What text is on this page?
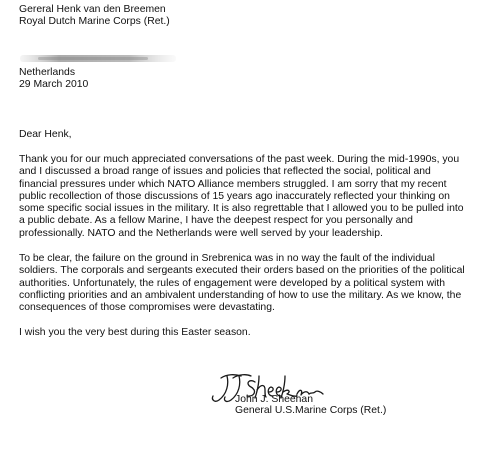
Gereral Henk van den Breemen
Royal Dutch Marine Corps (Ret.)
Netherlands
29 March 2010
Dear Henk,
Thank you for our much appreciated conversations of the past week. During the mid-1990s, you
and I discussed a broad range of issues and policies that reflected the social, political and
financial pressures under which NATO Alliance members struggled. I am sorry that my recent
public recollection of those discussions of 15 years ago inaccurately reflected your thinking on
some specific social issues in the military. It is also regrettable that I allowed you to be pulled into
a public debate. As a fellow Marine, I have the deepest respect for you personally and
professionally. NATO and the Netherlands were well served by your leadership.
To be clear, the failure on the ground in Srebrenica was in no way the fault of the individual
soldiers. The corporals and sergeants executed their orders based on the priorities of the political
authorities. Unfortunately, the rules of engagement were developed by a political system with
conflicting priorities and an ambivalent understanding of how to use the military. As we know, the
consequences of those compromises were devastating.
I wish you the very best during this Easter season.
John J. Sheehan
General U.S.Marine Corps (Ret.)
